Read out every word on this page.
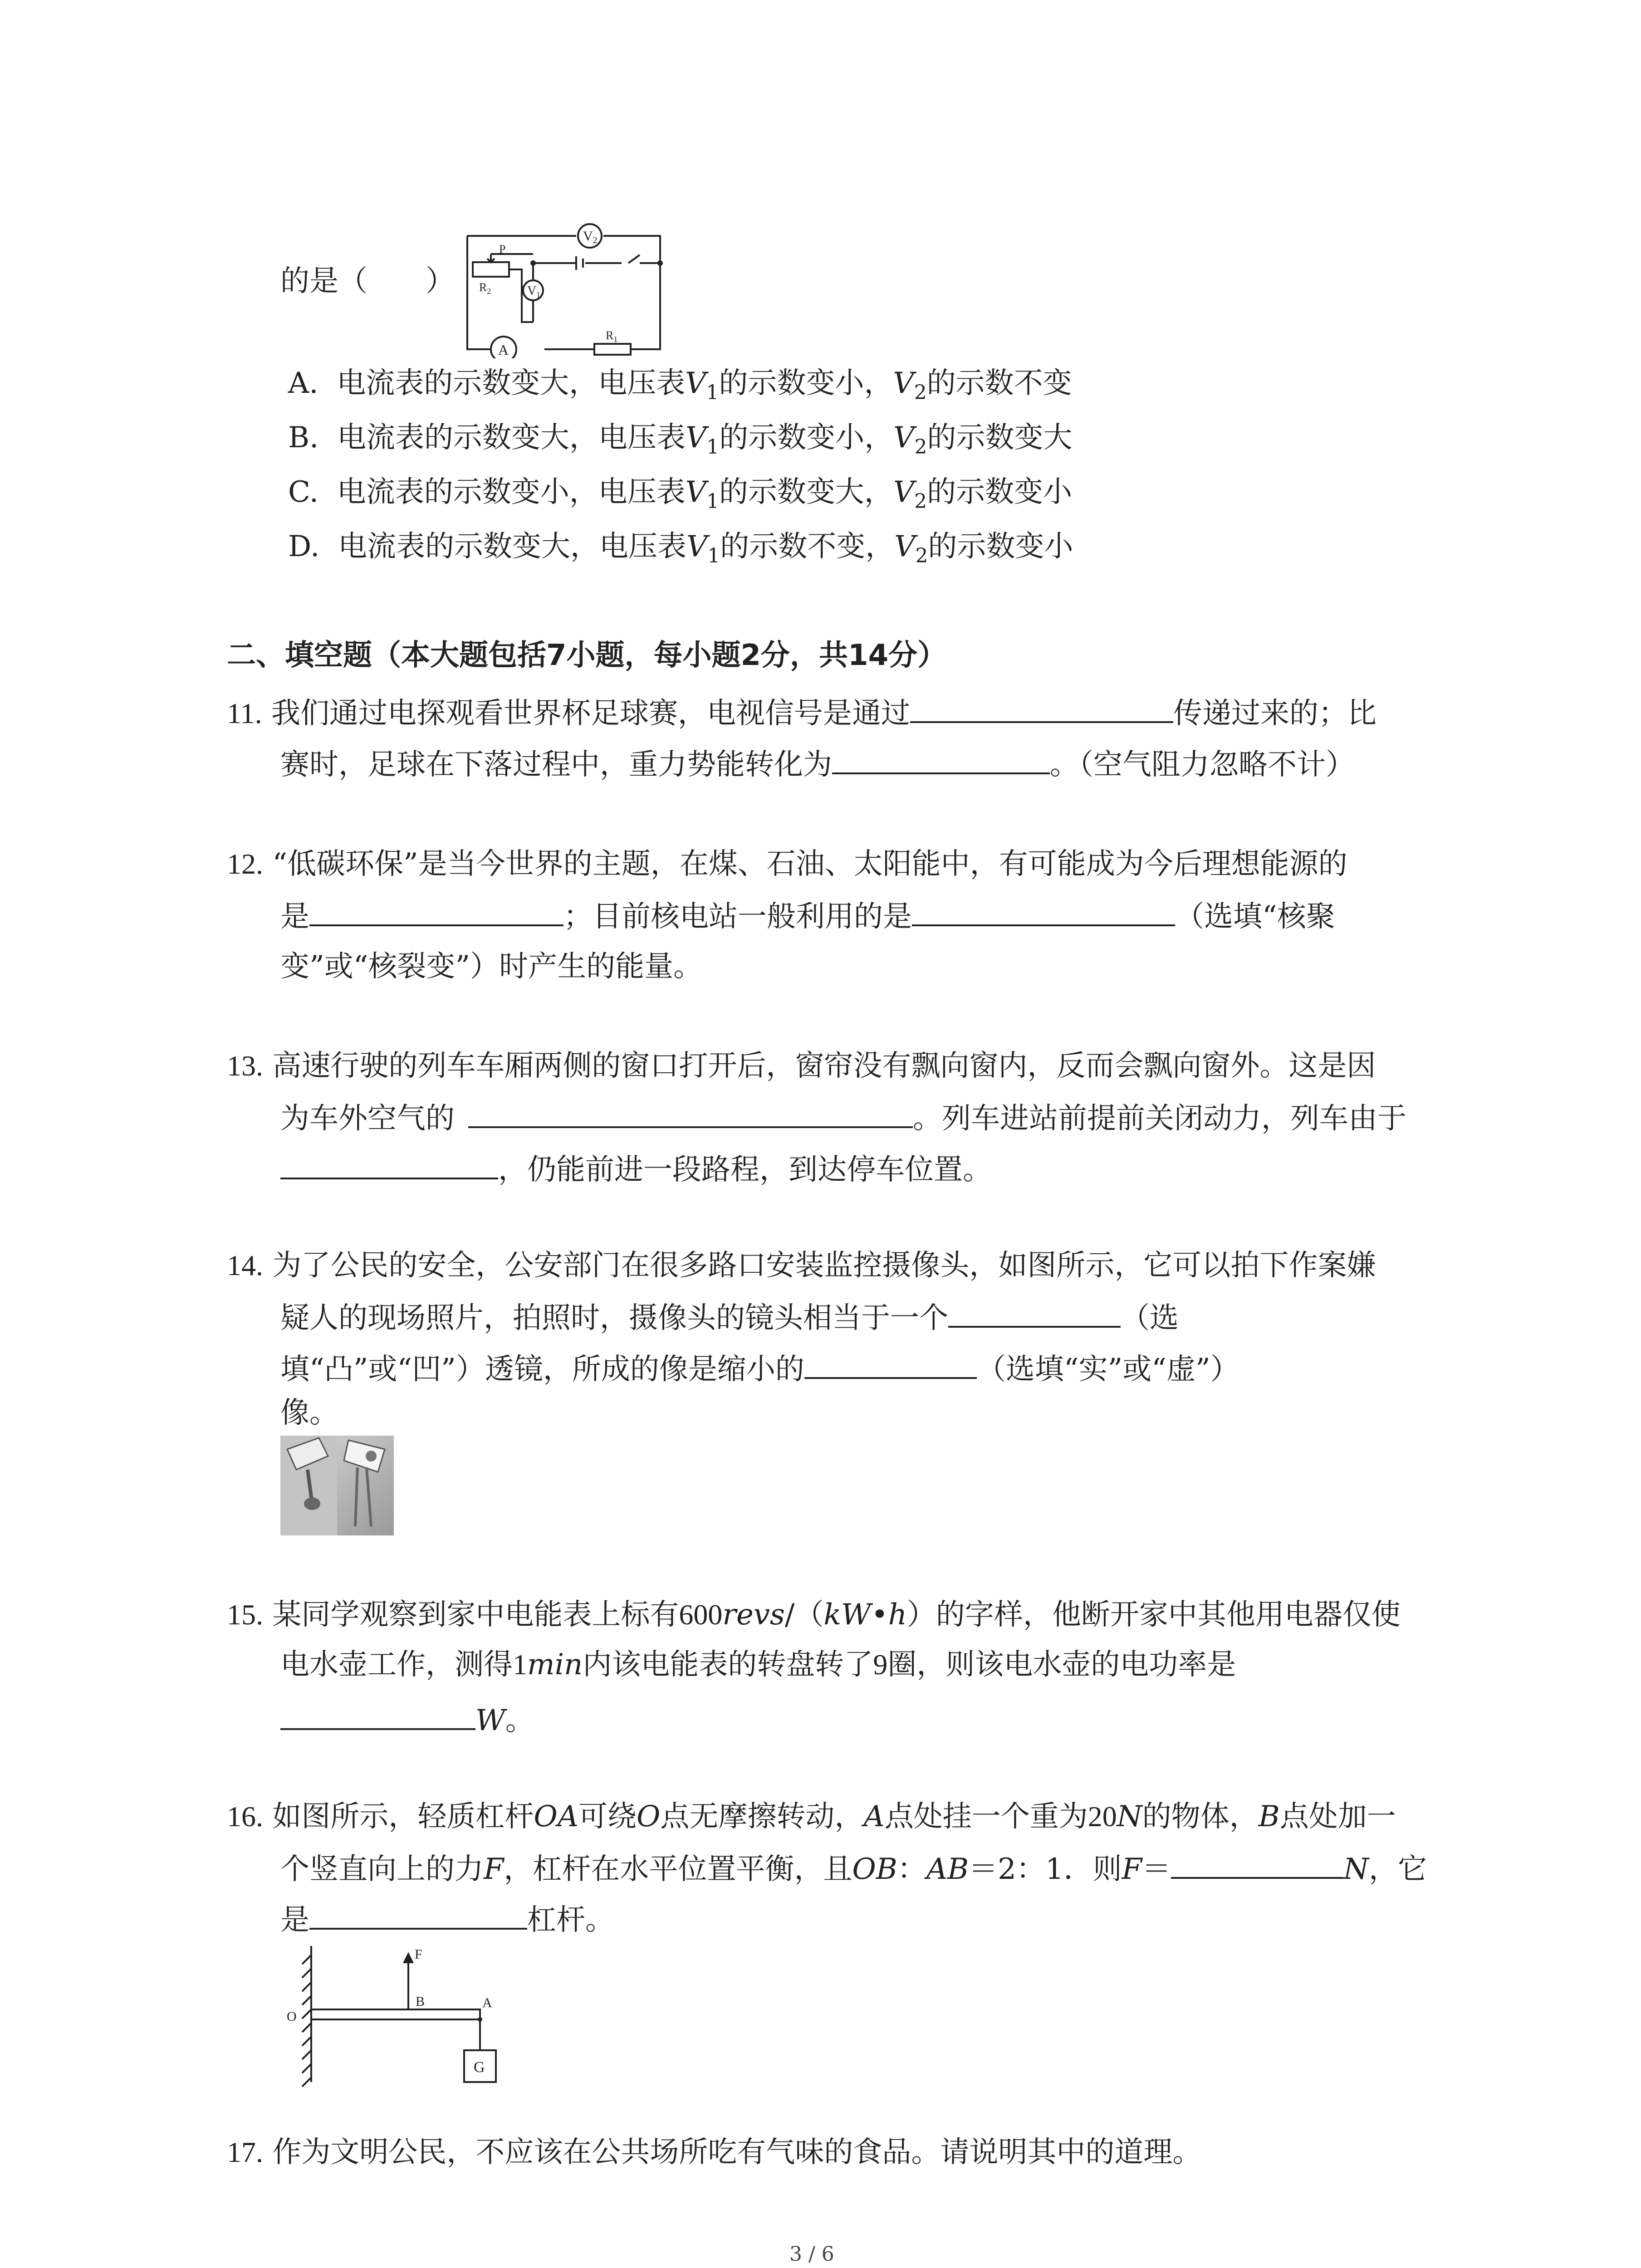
的是（　　）
$V_2$
P
$R_2$	$V_1$
A
$R_1$
A. 电流表的示数变大，电压表$V_1$的示数变小，$V_2$的示数不变
B. 电流表的示数变大，电压表$V_1$的示数变小，$V_2$的示数变大
C. 电流表的示数变小，电压表$V_1$的示数变大，$V_2$的示数变小
D. 电流表的示数变大，电压表$V_1$的示数不变，$V_2$的示数变小
二、填空题（本大题包括7小题，每小题2分，共14分）
11. 我们通过电探观看世界杯足球赛，电视信号是通过	传递过来的；比
赛时，足球在下落过程中，重力势能转化为	。（空气阻力忽略不计）
12. “低碳环保”是当今世界的主题，在煤、石油、太阳能中，有可能成为今后理想能源的
是	；目前核电站一般利用的是	（选填“核聚
变”或“核裂变”）时产生的能量。
13. 高速行驶的列车车厢两侧的窗口打开后，窗帘没有飘向窗内，反而会飘向窗外。这是因
为车外空气的	。列车进站前提前关闭动力，列车由于
，仍能前进一段路程，到达停车位置。
14. 为了公民的安全，公安部门在很多路口安装监控摄像头，如图所示，它可以拍下作案嫌
疑人的现场照片，拍照时，摄像头的镜头相当于一个	（选
填“凸”或“凹”）透镜，所成的像是缩小的	（选填“实”或“虚”）
像。
15. 某同学观察到家中电能表上标有600revs/（kW•h）的字样，他断开家中其他用电器仅使
电水壶工作，测得1min内该电能表的转盘转了9圈，则该电水壶的电功率是
W。
16. 如图所示，轻质杠杆OA可绕O点无摩擦转动，A点处挂一个重为20N的物体，B点处加一
个竖直向上的力F，杠杆在水平位置平衡，且OB：AB＝2：1．则F＝	N，它
是	杠杆。
F
B	A
O
G
17. 作为文明公民，不应该在公共场所吃有气味的食品。请说明其中的道理。
3 / 6
